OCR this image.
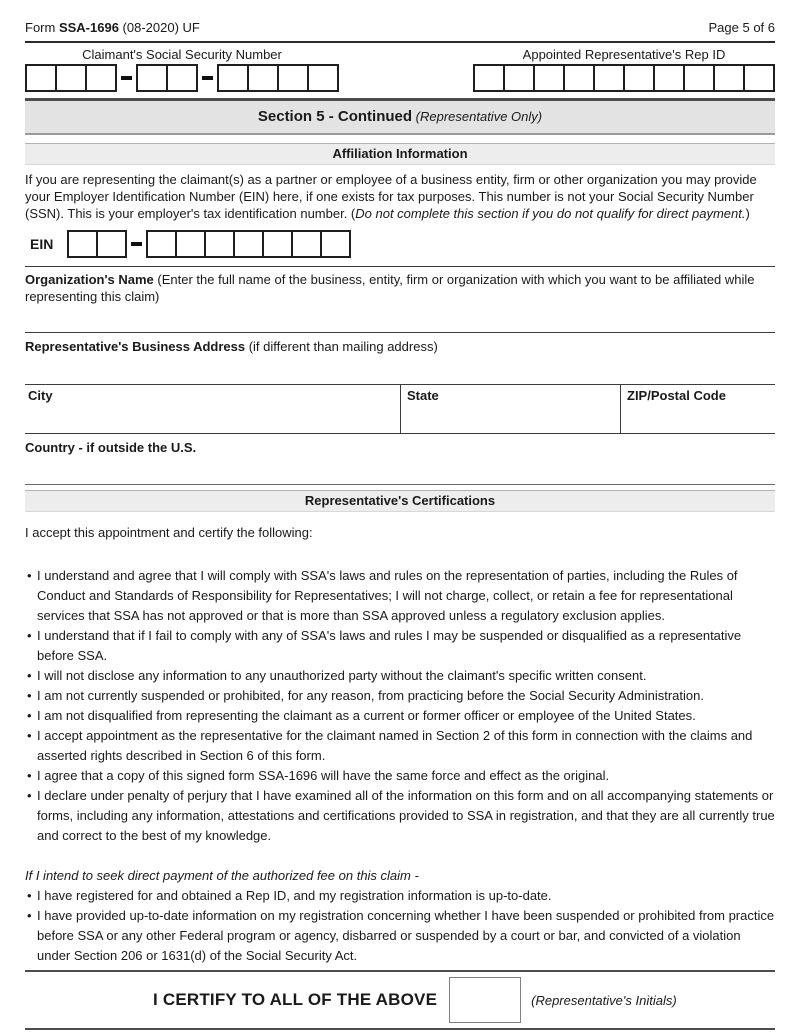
Form SSA-1696 (08-2020) UF	Page 5 of 6
Claimant's Social Security Number	Appointed Representative's Rep ID
Section 5 - Continued (Representative Only)
Affiliation Information
If you are representing the claimant(s) as a partner or employee of a business entity, firm or other organization you may provide your Employer Identification Number (EIN) here, if one exists for tax purposes. This number is not your Social Security Number (SSN). This is your employer's tax identification number. (Do not complete this section if you do not qualify for direct payment.)
EIN
Organization's Name (Enter the full name of the business, entity, firm or organization with which you want to be affiliated while representing this claim)
Representative's Business Address (if different than mailing address)
City	State	ZIP/Postal Code
Country - if outside the U.S.
Representative's Certifications
I accept this appointment and certify the following:
• I understand and agree that I will comply with SSA's laws and rules on the representation of parties, including the Rules of Conduct and Standards of Responsibility for Representatives; I will not charge, collect, or retain a fee for representational services that SSA has not approved or that is more than SSA approved unless a regulatory exclusion applies.
• I understand that if I fail to comply with any of SSA's laws and rules I may be suspended or disqualified as a representative before SSA.
• I will not disclose any information to any unauthorized party without the claimant's specific written consent.
• I am not currently suspended or prohibited, for any reason, from practicing before the Social Security Administration.
• I am not disqualified from representing the claimant as a current or former officer or employee of the United States.
• I accept appointment as the representative for the claimant named in Section 2 of this form in connection with the claims and asserted rights described in Section 6 of this form.
• I agree that a copy of this signed form SSA-1696 will have the same force and effect as the original.
• I declare under penalty of perjury that I have examined all of the information on this form and on all accompanying statements or forms, including any information, attestations and certifications provided to SSA in registration, and that they are all currently true and correct to the best of my knowledge.
If I intend to seek direct payment of the authorized fee on this claim -
• I have registered for and obtained a Rep ID, and my registration information is up-to-date.
• I have provided up-to-date information on my registration concerning whether I have been suspended or prohibited from practice before SSA or any other Federal program or agency, disbarred or suspended by a court or bar, and convicted of a violation under Section 206 or 1631(d) of the Social Security Act.
I CERTIFY TO ALL OF THE ABOVE	(Representative's Initials)
